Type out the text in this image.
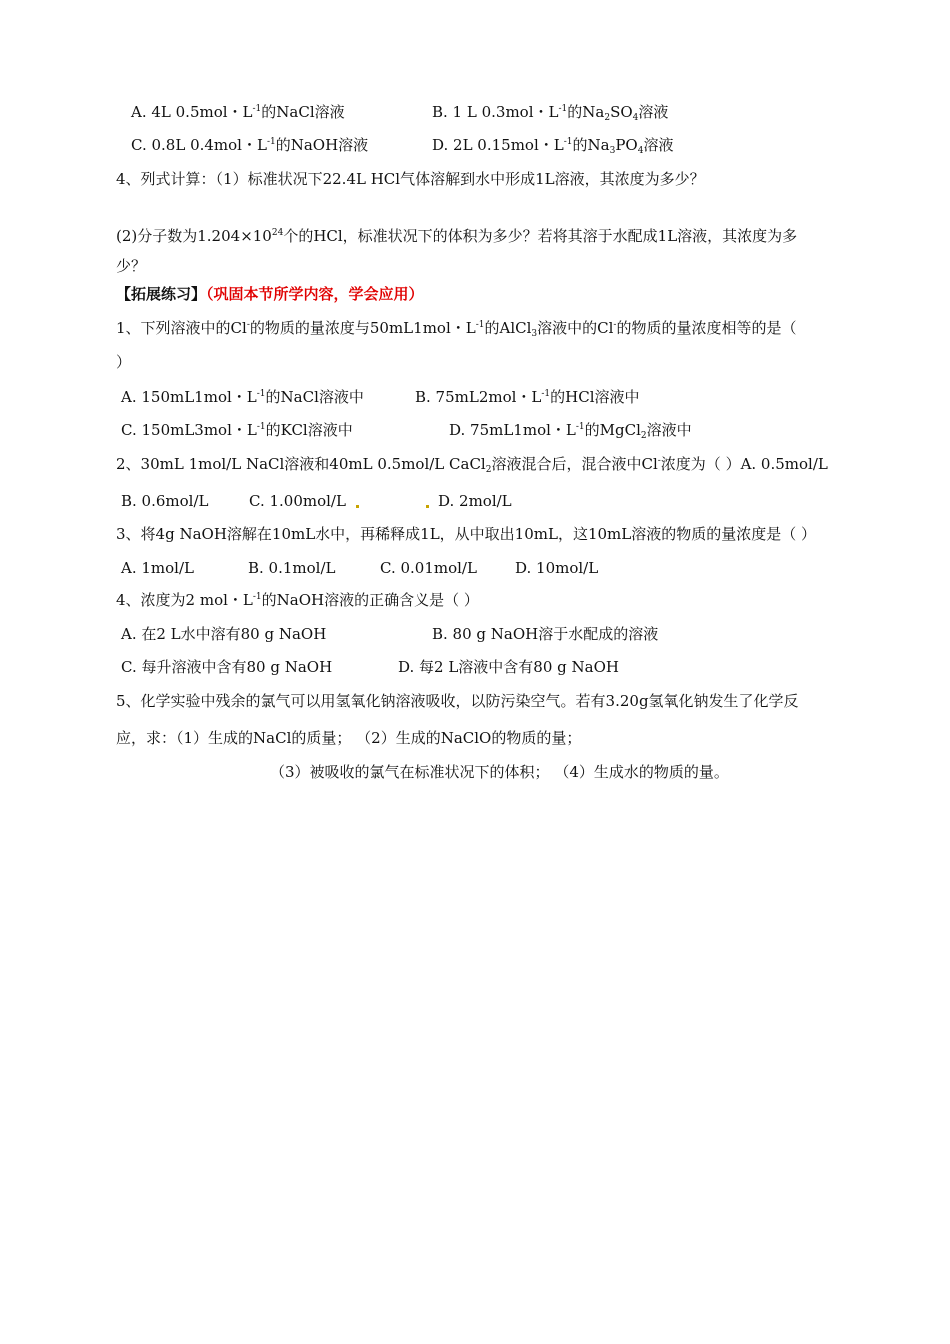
A. 4L 0.5mol・$L^{-1}$的NaCl溶液	B. 1 L 0.3mol・$L^{-1}$的$Na_2SO_4$溶液
C. 0.8L 0.4mol・$L^{-1}$的NaOH溶液	D. 2L 0.15mol・$L^{-1}$的$Na_3PO_4$溶液
4、列式计算：（1）标准状况下22.4L HCl气体溶解到水中形成1L溶液，其浓度为多少？
(2)分子数为$1.204\times 10^{24}$个的HCl，标准状况下的体积为多少？若将其溶于水配成1L溶液，其浓度为多
少？
【拓展练习】（巩固本节所学内容，学会应用）
1、下列溶液中的Cl-的物质的量浓度与50mL1mol・$L^{-1}$的AlCl$_3$溶液中的Cl-的物质的量浓度相等的是（
）
A. 150mL1mol・$L^{-1}$的NaCl溶液中	B. 75mL2mol・$L^{-1}$的HCl溶液中
C. 150mL3mol・$L^{-1}$的KCl溶液中	D. 75mL1mol・$L^{-1}$的MgCl$_2$溶液中
2、30mL 1mol/L NaCl溶液和40mL 0.5mol/L CaCl$_2$溶液混合后，混合液中Cl-浓度为（ ）A. 0.5mol/L
B. 0.6mol/L	C. 1.00mol/L	D. 2mol/L
3、将4g NaOH溶解在10mL水中，再稀释成1L，从中取出10mL，这10mL溶液的物质的量浓度是（ ）
A. 1mol/L	B. 0.1mol/L	C. 0.01mol/L	D. 10mol/L
4、浓度为2 mol・$L^{-1}$的NaOH溶液的正确含义是（ ）
A. 在2 L水中溶有80 g NaOH	B. 80 g NaOH溶于水配成的溶液
C. 每升溶液中含有80 g NaOH	D. 每2 L溶液中含有80 g NaOH
5、化学实验中残余的氯气可以用氢氧化钠溶液吸收，以防污染空气。若有3.20g氢氧化钠发生了化学反
应，求：（1）生成的NaCl的质量； （2）生成的NaClO的物质的量；
（3）被吸收的氯气在标准状况下的体积； （4）生成水的物质的量。
